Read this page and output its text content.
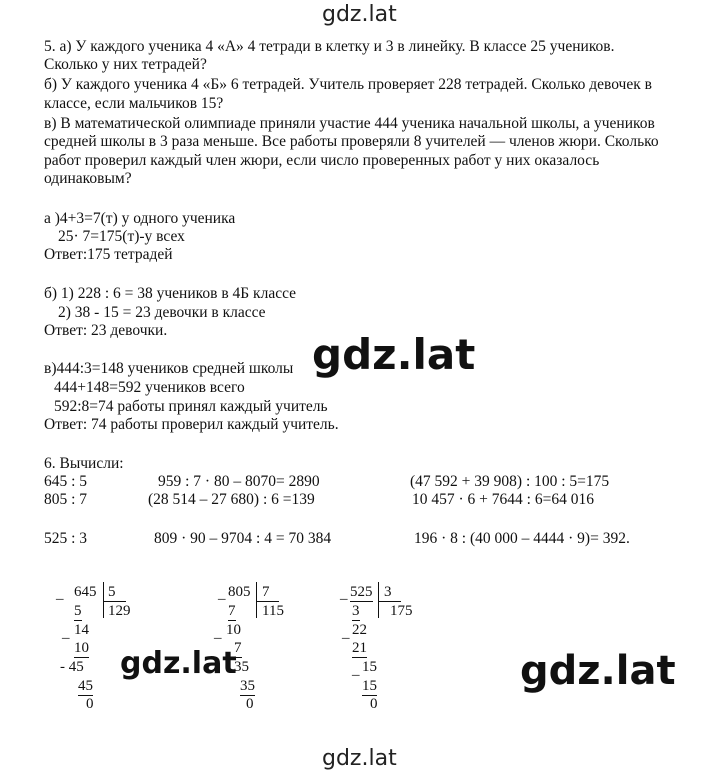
gdz.lat
gdz.lat
gdz.lat	gdz.lat
gdz.lat
5. а) У каждого ученика 4 «А» 4 тетради в клетку и 3 в линейку. В классе 25 учеников.
Сколько у них тетрадей?
б) У каждого ученика 4 «Б» 6 тетрадей. Учитель проверяет 228 тетрадей. Сколько девочек в
классе, если мальчиков 15?
в) В математической олимпиаде приняли участие 444 ученика начальной школы, а учеников
средней школы в 3 раза меньше. Все работы проверяли 8 учителей — членов жюри. Сколько
работ проверил каждый член жюри, если число проверенных работ у них оказалось
одинаковым?
а )4+3=7(т) у одного ученика
25· 7=175(т)-у всех
Ответ:175 тетрадей
б) 1) 228 : 6 = 38 учеников в 4Б классе
2) 38 - 15 = 23 девочки в классе
Ответ: 23 девочки.
в)444:3=148 учеников средней школы
444+148=592 учеников всего
592:8=74 работы принял каждый учитель
Ответ: 74 работы проверил каждый учитель.
6. Вычисли:
645 : 5	959 : 7 · 80 – 8070= 2890	(47 592 + 39 908) : 100 : 5=175
805 : 7	(28 514 – 27 680) : 6 =139	10 457 · 6 + 7644 : 6=64 016
525 : 3	809 · 90 – 9704 : 4 = 70 384	196 · 8 : (40 000 – 4444 · 9)= 392.
_ 645 5
129
5
_ 14
10
- 45
45
0
_ 805 7
115
7
_ 10
7
35
35
0
_ 525 3
175
3
_ 22
21
_ 15
15
0
